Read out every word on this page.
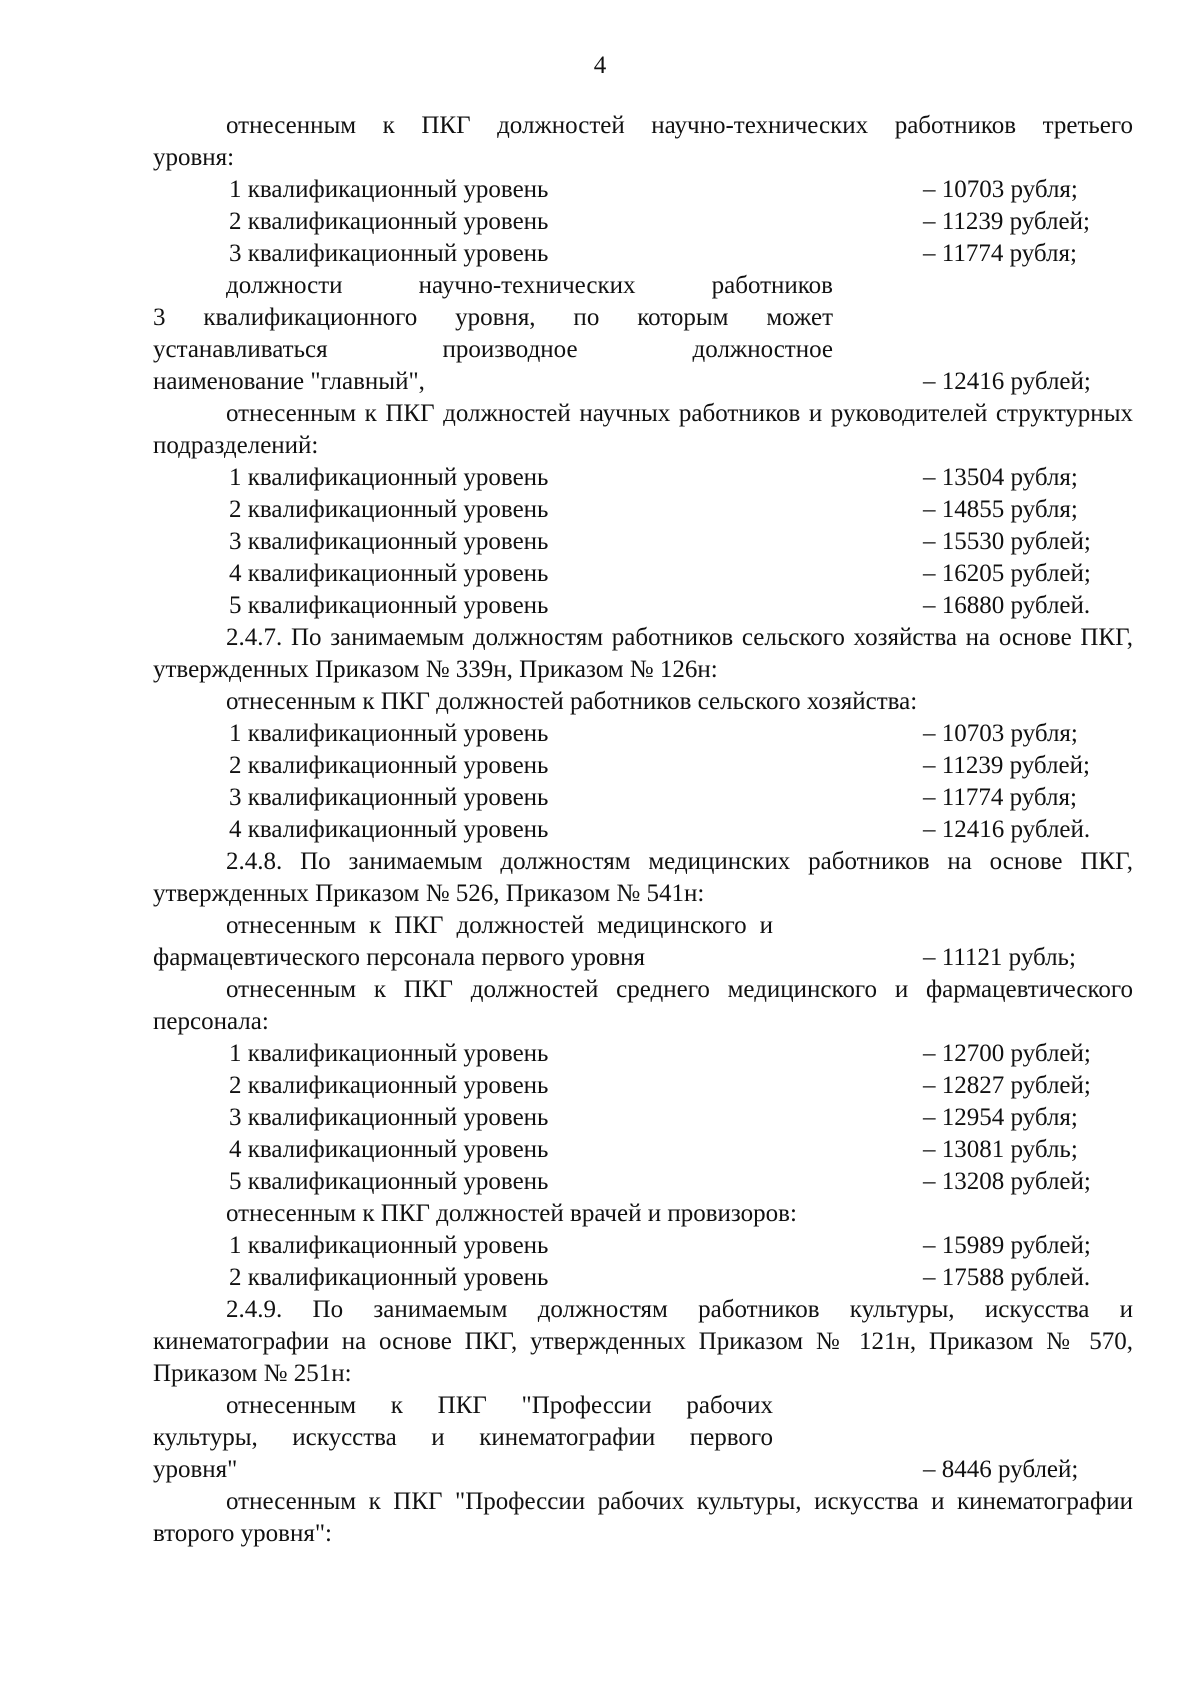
4
отнесенным к ПКГ должностей научно-технических работников третьего
уровня:
1 квалификационный уровень	– 10703 рубля;
2 квалификационный уровень	– 11239 рублей;
3 квалификационный уровень	– 11774 рубля;
должности научно-технических работников
3 квалификационного уровня, по которым может
устанавливаться производное должностное
наименование "главный",	– 12416 рублей;
отнесенным к ПКГ должностей научных работников и руководителей структурных подразделений:
1 квалификационный уровень	– 13504 рубля;
2 квалификационный уровень	– 14855 рубля;
3 квалификационный уровень	– 15530 рублей;
4 квалификационный уровень	– 16205 рублей;
5 квалификационный уровень	– 16880 рублей.
2.4.7. По занимаемым должностям работников сельского хозяйства на основе ПКГ, утвержденных Приказом № 339н, Приказом № 126н:
отнесенным к ПКГ должностей работников сельского хозяйства:
1 квалификационный уровень	– 10703 рубля;
2 квалификационный уровень	– 11239 рублей;
3 квалификационный уровень	– 11774 рубля;
4 квалификационный уровень	– 12416 рублей.
2.4.8. По занимаемым должностям медицинских работников на основе ПКГ, утвержденных Приказом № 526, Приказом № 541н:
отнесенным к ПКГ должностей медицинского и
фармацевтического персонала первого уровня	– 11121 рубль;
отнесенным к ПКГ должностей среднего медицинского и фармацевтического персонала:
1 квалификационный уровень	– 12700 рублей;
2 квалификационный уровень	– 12827 рублей;
3 квалификационный уровень	– 12954 рубля;
4 квалификационный уровень	– 13081 рубль;
5 квалификационный уровень	– 13208 рублей;
отнесенным к ПКГ должностей врачей и провизоров:
1 квалификационный уровень	– 15989 рублей;
2 квалификационный уровень	– 17588 рублей.
2.4.9. По занимаемым должностям работников культуры, искусства и кинематографии на основе ПКГ, утвержденных Приказом № 121н, Приказом № 570, Приказом № 251н:
отнесенным к ПКГ "Профессии рабочих
культуры, искусства и кинематографии первого
уровня"	– 8446 рублей;
отнесенным к ПКГ "Профессии рабочих культуры, искусства и кинематографии второго уровня":
